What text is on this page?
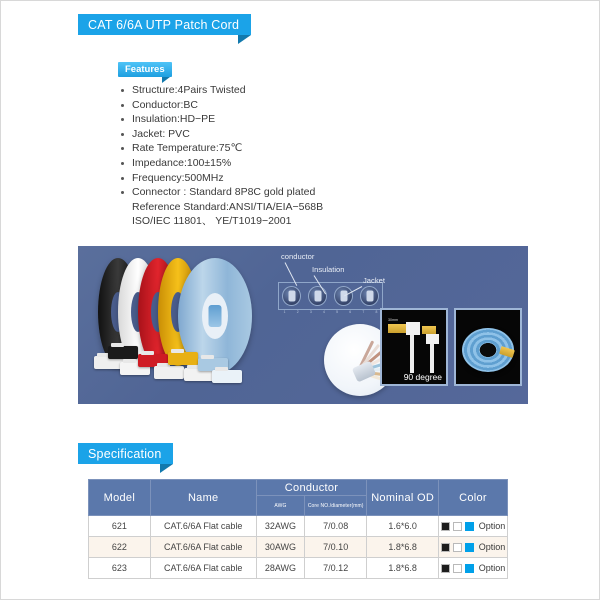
CAT 6/6A UTP Patch Cord
Features
Structure:4Pairs Twisted
Conductor:BC
Insulation:HD−PE
Jacket: PVC
Rate Temperature:75℃
Impedance:100±15%
Frequency:500MHz
Connector : Standard 8P8C gold plated
Reference Standard:ANSI/TIA/EIA−568B
ISO/IEC 11801、 YE/T1019−2001
1	2	3	4	5	6	7	8
conductor
Insulation
Jacket
30mm
90 degree
Specification
Model	Name	Conductor		Nominal OD	Color
		AWG	Core NO./diameter(mm)		
621	CAT.6/6A Flat cable	32AWG	7/0.08	1.6*6.0	Option

622	CAT.6/6A Flat cable	30AWG	7/0.10	1.8*6.8	Option

623	CAT.6/6A Flat cable	28AWG	7/0.12	1.8*6.8	Option
